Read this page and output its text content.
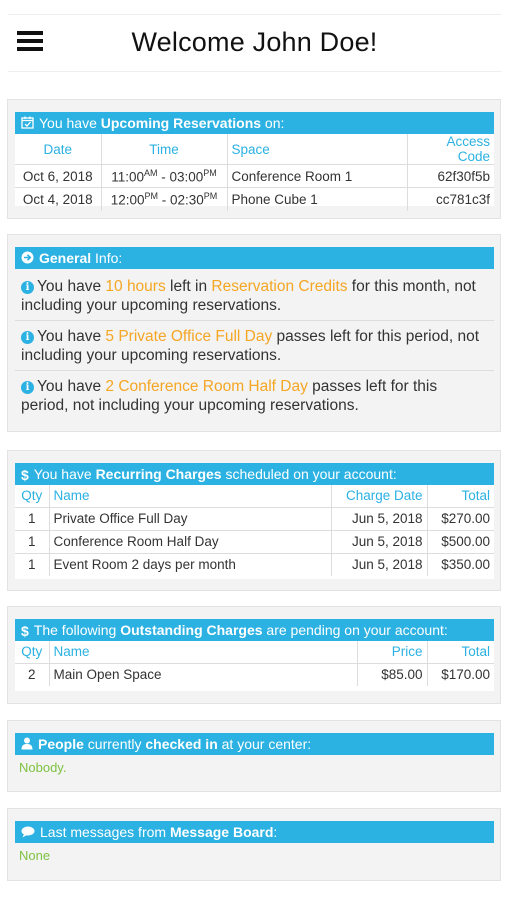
Welcome John Doe!
You have Upcoming Reservations on:
Date	Time	Space	Access Code
Oct 6, 2018	$11:00^{AM}$ - $03:00^{PM}$	Conference Room 1	62f30f5b
Oct 4, 2018	$12:00^{PM}$ - $02:30^{PM}$	Phone Cube 1	cc781c3f
General Info:
i You have 10 hours left in Reservation Credits for this month, not including your upcoming reservations.
i You have 5 Private Office Full Day passes left for this period, not including your upcoming reservations.
i You have 2 Conference Room Half Day passes left for this period, not including your upcoming reservations.
$ You have Recurring Charges scheduled on your account:
Qty	Name	Charge Date	Total
1	Private Office Full Day	Jun 5, 2018	$270.00
1	Conference Room Half Day	Jun 5, 2018	$500.00
1	Event Room 2 days per month	Jun 5, 2018	$350.00
$ The following Outstanding Charges are pending on your account:
Qty	Name	Price	Total
2	Main Open Space	$85.00	$170.00
People currently checked in at your center:
Nobody.
Last messages from Message Board:
None
